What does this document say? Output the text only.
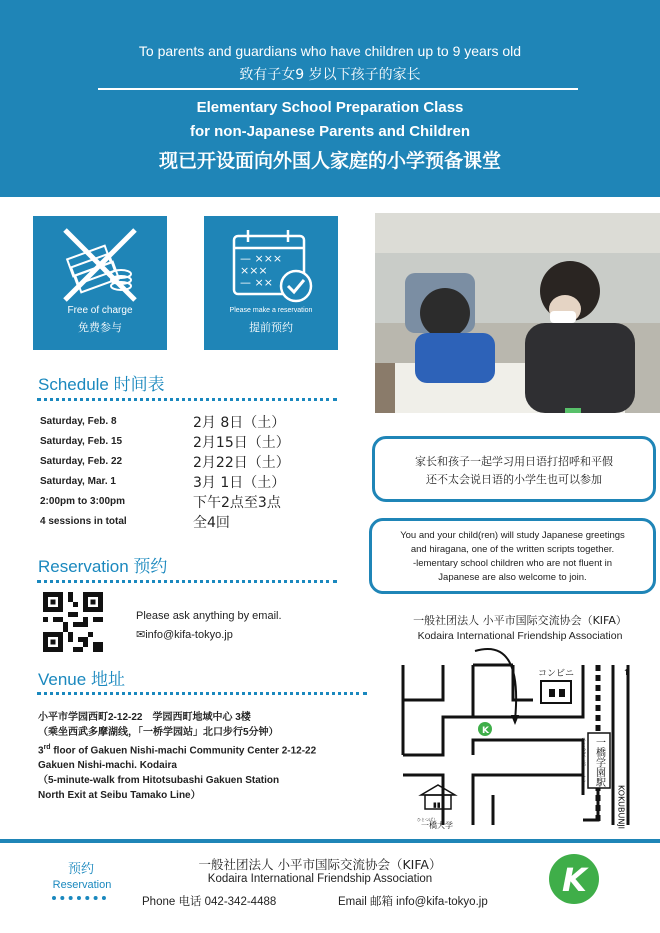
To parents and guardians who have children up to 9 years old
致有子女9 岁以下孩子的家长
Elementary School Preparation Class
for non-Japanese Parents and Children
现已开设面向外国人家庭的小学预备课堂
Free of charge
免费参与
— ×××
×××
— ××
Please make a reservation
提前预约
Schedule 时间表
Saturday, Feb. 8	2月 8日（土）
Saturday, Feb. 15	2月15日（土）
Saturday, Feb. 22	2月22日（土）
Saturday, Mar. 1	3月 1日（土）
2:00pm to 3:00pm	下午2点至3点
4 sessions in total	全4回
家长和孩子一起学习用日语打招呼和平假
还不太会说日语的小学生也可以参加
You and your child(ren) will study Japanese greetings
and hiragana, one of the written scripts together.
-lementary school children who are not fluent in
Japanese are also welcome to join.
Reservation 预约
Please ask anything by email.
✉info@kifa-tokyo.jp
Venue 地址
小平市学园西町2-12-22　学园西町地域中心 3楼
（乘坐西武多摩湖线，「一桥学园站」北口步行5分钟）
3rd floor of Gakuen Nishi-machi Community Center 2-12-22
Gakuen Nishi-machi. Kodaira
（5-minute-walk from Hitotsubashi Gakuen Station
North Exit at Seibu Tamako Line）
一般社团法人 小平市国际交流协会（KIFA）
Kodaira International Friendship Association
K
コンビニ
一橋学園駅
ひとつばしがくえん
KOKUBUNJI
↑
▮▮
ひとつばし
一橋大学
预约
Reservation
一般社团法人 小平市国际交流协会（KIFA）
Kodaira International Friendship Association
Phone 电话 042-342-4488	Email 邮箱 info@kifa-tokyo.jp
K
